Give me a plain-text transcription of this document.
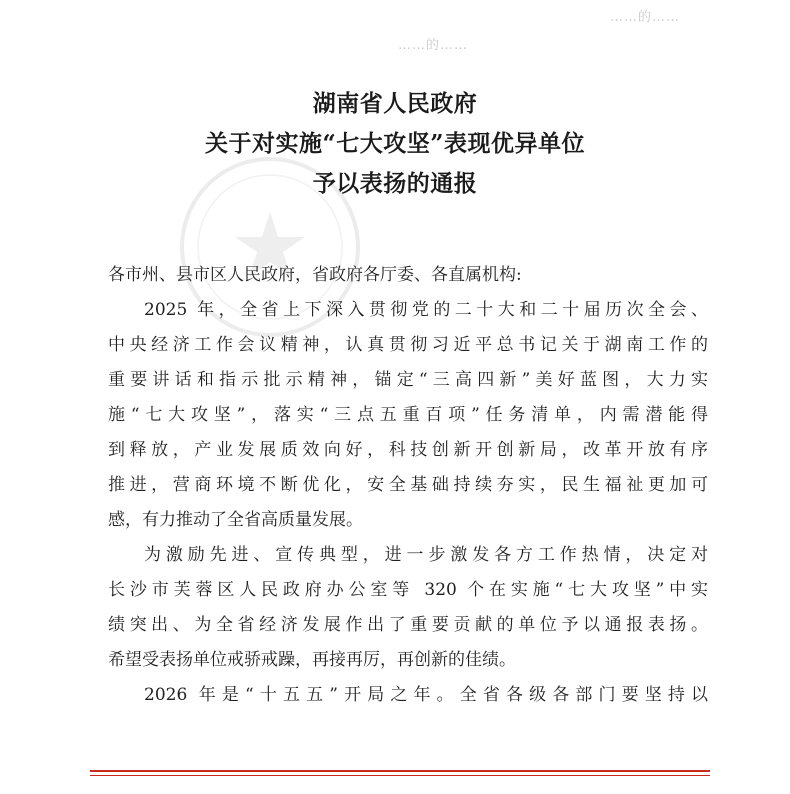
……的……
……的……
湖南省人民政府
关于对实施“七大攻坚”表现优异单位
予以表扬的通报
各市州、县市区人民政府，省政府各厅委、各直属机构:
2025 年，全省上下深入贯彻党的二十大和二十届历次全会、
中央经济工作会议精神，认真贯彻习近平总书记关于湖南工作的
重要讲话和指示批示精神，锚定“三高四新”美好蓝图，大力实
施“七大攻坚”，落实“三点五重百项”任务清单，内需潜能得
到释放，产业发展质效向好，科技创新开创新局，改革开放有序
推进，营商环境不断优化，安全基础持续夯实，民生福祉更加可
感，有力推动了全省高质量发展。
为激励先进、宣传典型，进一步激发各方工作热情，决定对
长沙市芙蓉区人民政府办公室等 320 个在实施“七大攻坚”中实
绩突出、为全省经济发展作出了重要贡献的单位予以通报表扬。
希望受表扬单位戒骄戒躁，再接再厉，再创新的佳绩。
2026 年是“十五五”开局之年。全省各级各部门要坚持以
